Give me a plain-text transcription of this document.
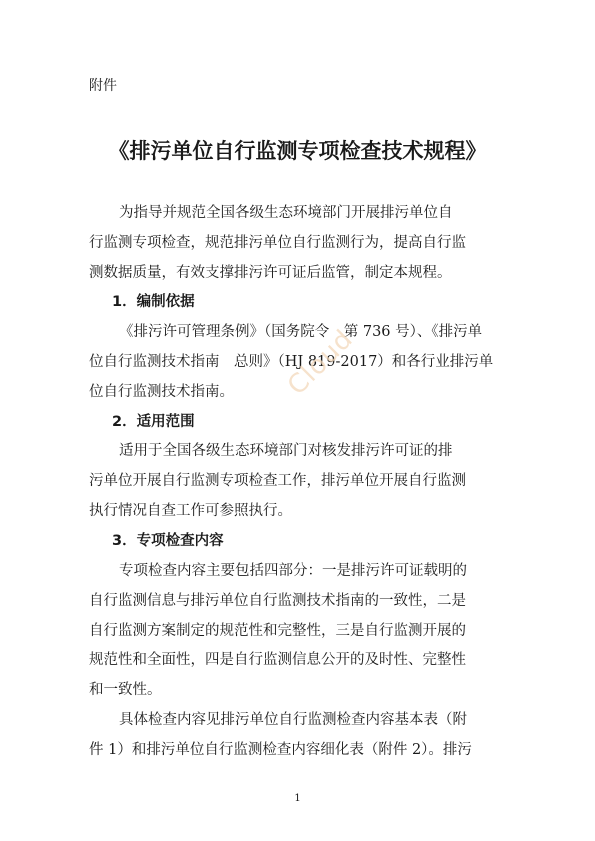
附件
《排污单位自行监测专项检查技术规程》

为指导并规范全国各级生态环境部门开展排污单位自

行监测专项检查，规范排污单位自行监测行为，提高自行监

测数据质量，有效支撑排污许可证后监管，制定本规程。

1．编制依据

《排污许可管理条例》（国务院令　第 736 号）、《排污单

位自行监测技术指南　总则》（HJ 819-2017）和各行业排污单

位自行监测技术指南。

2．适用范围

适用于全国各级生态环境部门对核发排污许可证的排

污单位开展自行监测专项检查工作，排污单位开展自行监测

执行情况自查工作可参照执行。

3．专项检查内容

专项检查内容主要包括四部分：一是排污许可证载明的

自行监测信息与排污单位自行监测技术指南的一致性，二是

自行监测方案制定的规范性和完整性，三是自行监测开展的

规范性和全面性，四是自行监测信息公开的及时性、完整性

和一致性。

具体检查内容见排污单位自行监测检查内容基本表（附

件 1）和排污单位自行监测检查内容细化表（附件 2）。排污

Cloud
1
